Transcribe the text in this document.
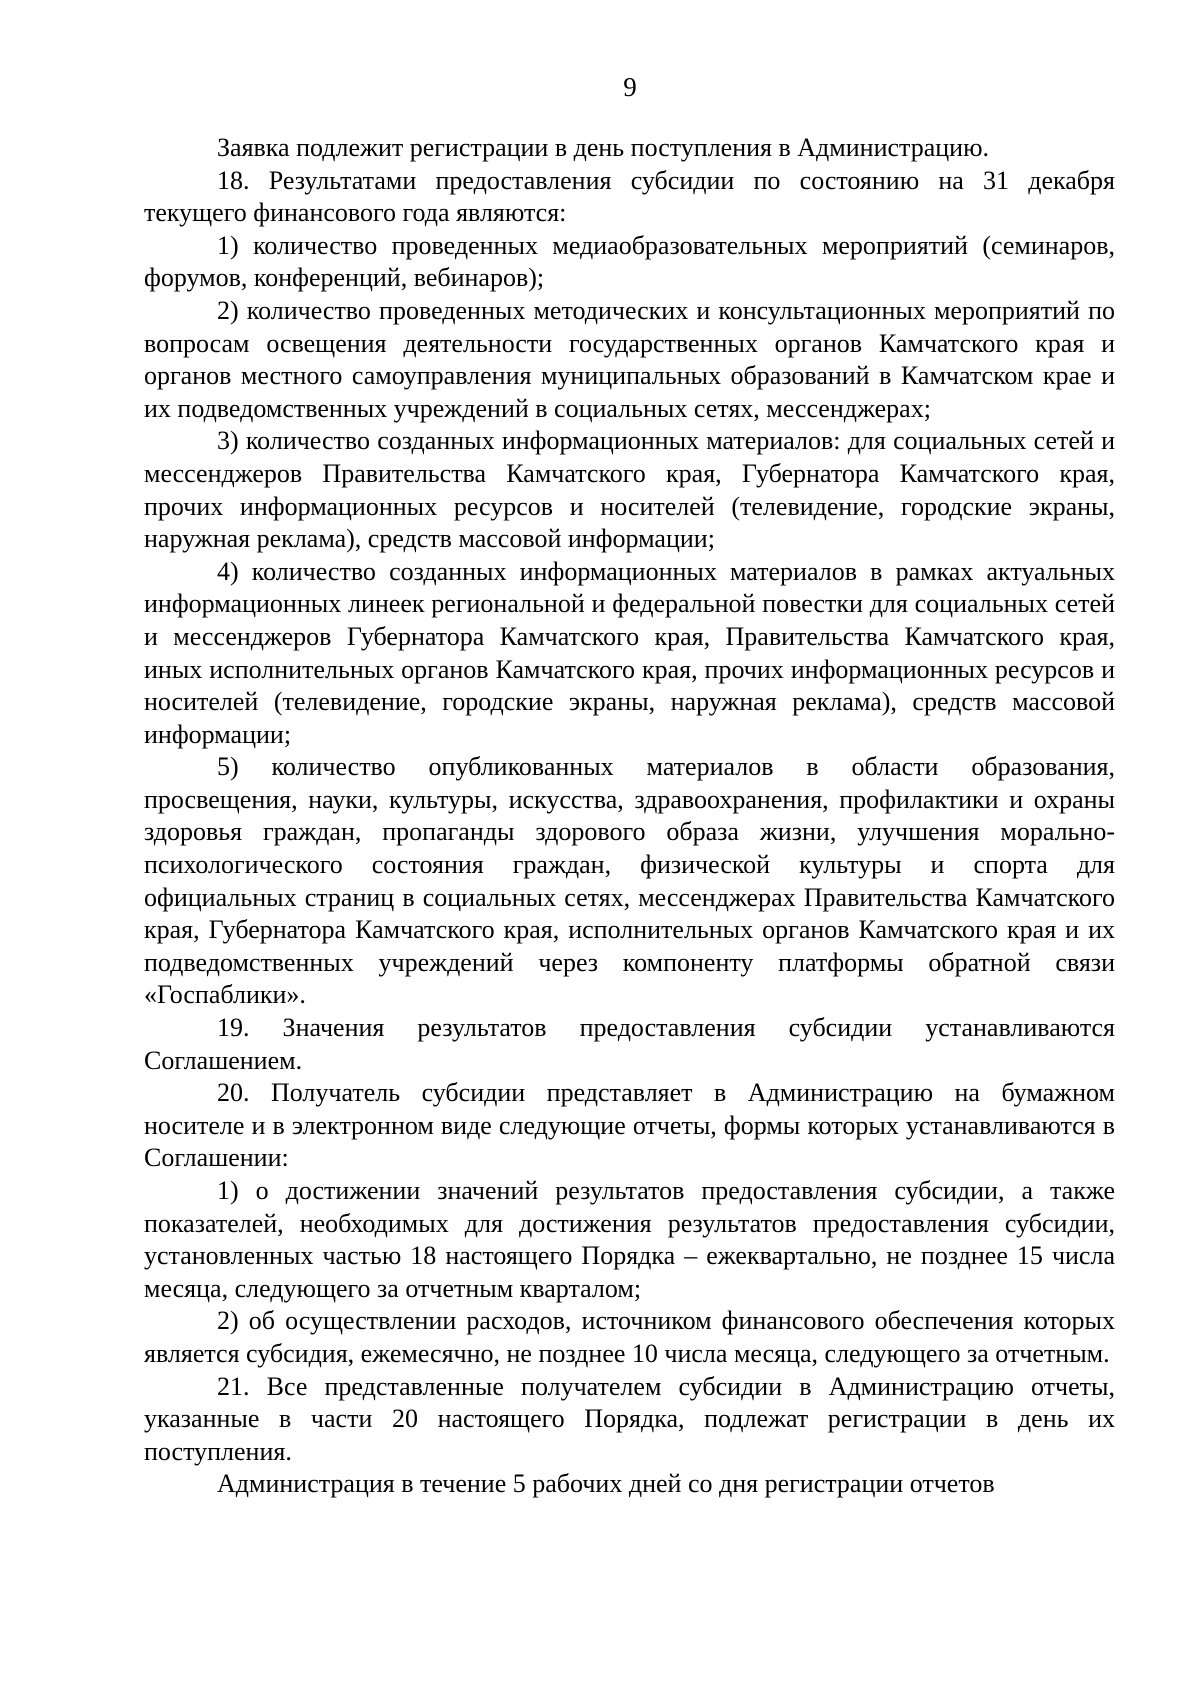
9

Заявка подлежит регистрации в день поступления в Администрацию.

18. Результатами предоставления субсидии по состоянию на 31 декабря текущего финансового года являются:

1) количество проведенных медиаобразовательных мероприятий (семинаров, форумов, конференций, вебинаров);

2) количество проведенных методических и консультационных мероприятий по вопросам освещения деятельности государственных органов Камчатского края и органов местного самоуправления муниципальных образований в Камчатском крае и их подведомственных учреждений в социальных сетях, мессенджерах;

3) количество созданных информационных материалов: для социальных сетей и мессенджеров Правительства Камчатского края, Губернатора Камчатского края, прочих информационных ресурсов и носителей (телевидение, городские экраны, наружная реклама), средств массовой информации;

4) количество созданных информационных материалов в рамках актуальных информационных линеек региональной и федеральной повестки для социальных сетей и мессенджеров Губернатора Камчатского края, Правительства Камчатского края, иных исполнительных органов Камчатского края, прочих информационных ресурсов и носителей (телевидение, городские экраны, наружная реклама), средств массовой информации;

5) количество опубликованных материалов в области образования, просвещения, науки, культуры, искусства, здравоохранения, профилактики и охраны здоровья граждан, пропаганды здорового образа жизни, улучшения морально-психологического состояния граждан, физической культуры и спорта для официальных страниц в социальных сетях, мессенджерах Правительства Камчатского края, Губернатора Камчатского края, исполнительных органов Камчатского края и их подведомственных учреждений через компоненту платформы обратной связи «Госпаблики».

19. Значения результатов предоставления субсидии устанавливаются Соглашением.

20. Получатель субсидии представляет в Администрацию на бумажном носителе и в электронном виде следующие отчеты, формы которых устанавливаются в Соглашении:

1) о достижении значений результатов предоставления субсидии, а также показателей, необходимых для достижения результатов предоставления субсидии, установленных частью 18 настоящего Порядка – ежеквартально, не позднее 15 числа месяца, следующего за отчетным кварталом;

2) об осуществлении расходов, источником финансового обеспечения которых является субсидия, ежемесячно, не позднее 10 числа месяца, следующего за отчетным.

21. Все представленные получателем субсидии в Администрацию отчеты, указанные в части 20 настоящего Порядка, подлежат регистрации в день их поступления.

Администрация в течение 5 рабочих дней со дня регистрации отчетов
